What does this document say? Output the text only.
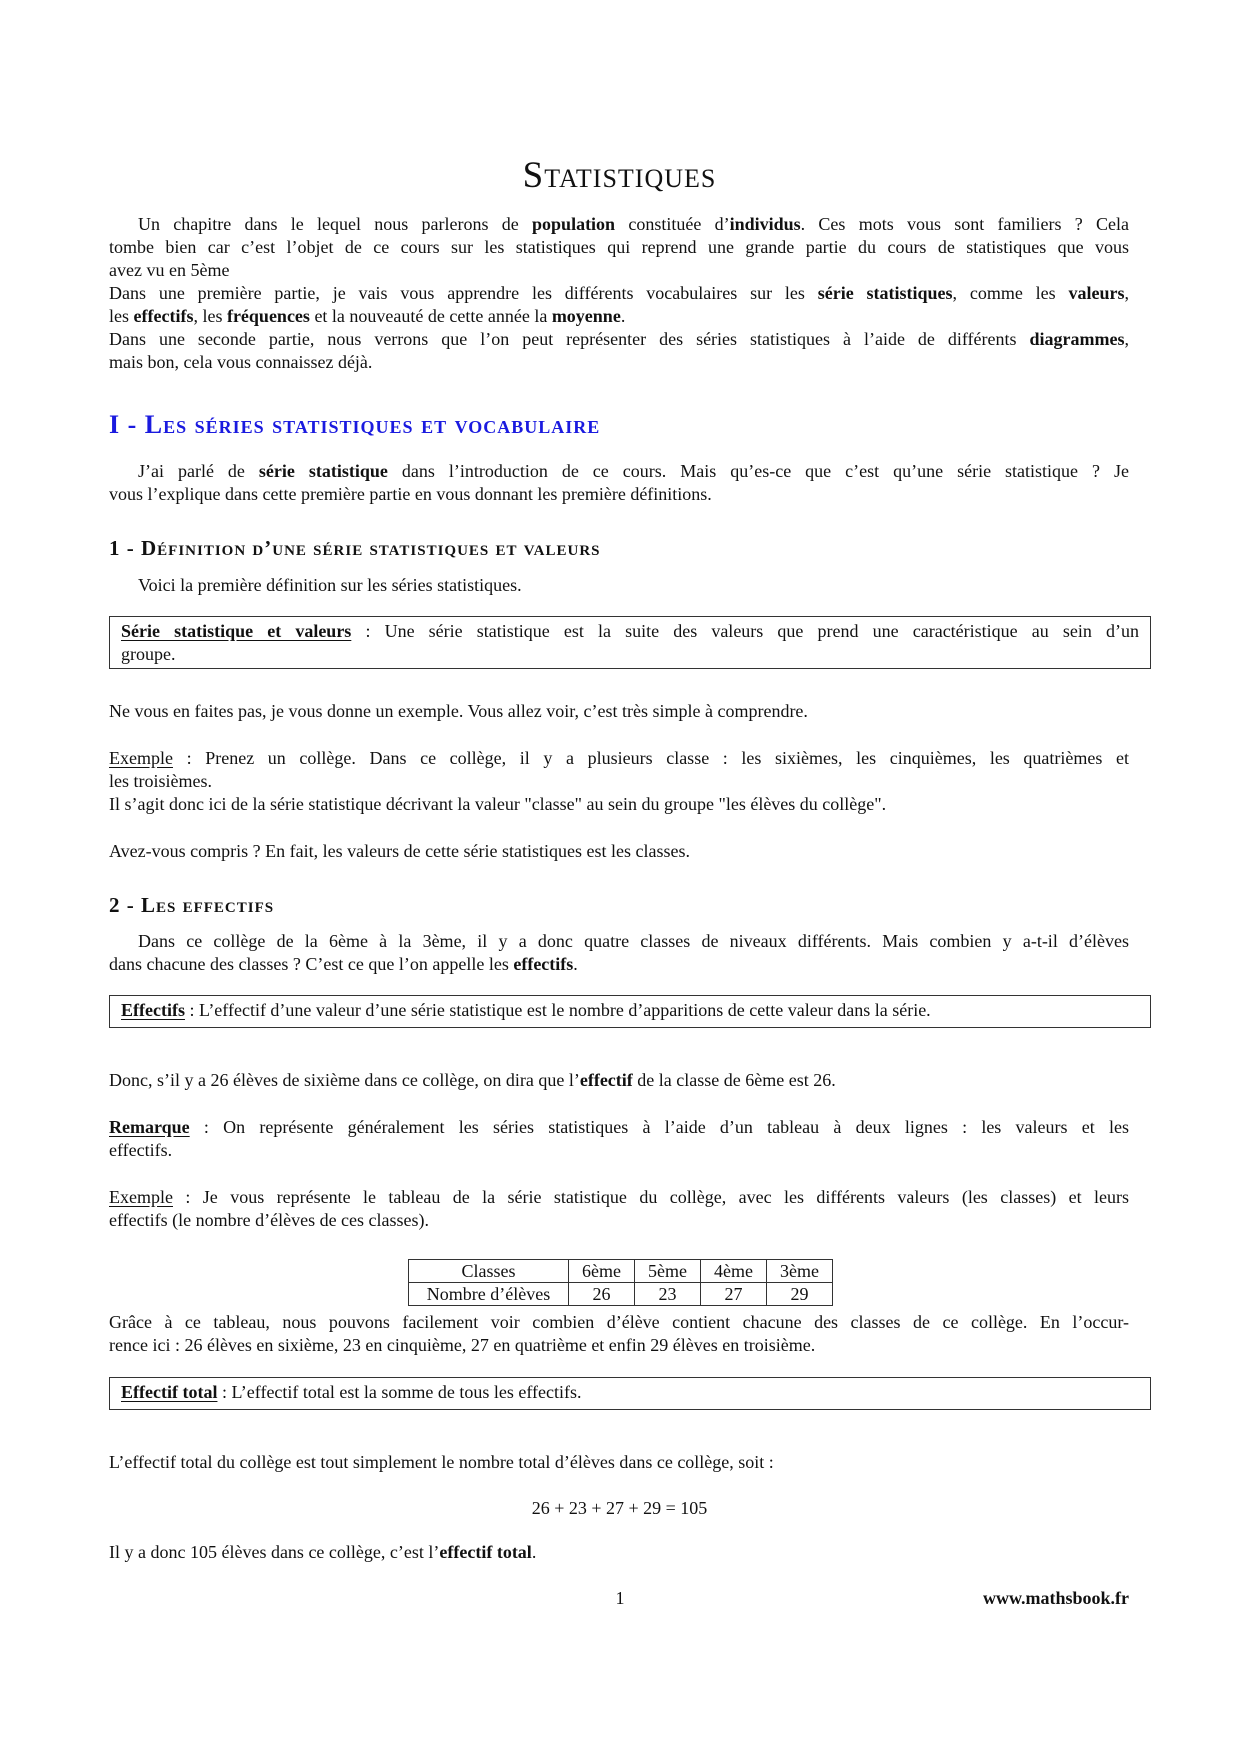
Statistiques
Un chapitre dans le lequel nous parlerons de population constituée d’individus. Ces mots vous sont familiers ? Cela
tombe bien car c’est l’objet de ce cours sur les statistiques qui reprend une grande partie du cours de statistiques que vous
avez vu en 5ème
Dans une première partie, je vais vous apprendre les différents vocabulaires sur les série statistiques, comme les valeurs,
les effectifs, les fréquences et la nouveauté de cette année la moyenne.
Dans une seconde partie, nous verrons que l’on peut représenter des séries statistiques à l’aide de différents diagrammes,
mais bon, cela vous connaissez déjà.
I - Les séries statistiques et vocabulaire
J’ai parlé de série statistique dans l’introduction de ce cours. Mais qu’es-ce que c’est qu’une série statistique ? Je
vous l’explique dans cette première partie en vous donnant les première définitions.
1 - Définition d’une série statistiques et valeurs
Voici la première définition sur les séries statistiques.
Série statistique et valeurs : Une série statistique est la suite des valeurs que prend une caractéristique au sein d’un
groupe.
Ne vous en faites pas, je vous donne un exemple. Vous allez voir, c’est très simple à comprendre.
Exemple : Prenez un collège. Dans ce collège, il y a plusieurs classe : les sixièmes, les cinquièmes, les quatrièmes et
les troisièmes.
Il s’agit donc ici de la série statistique décrivant la valeur "classe" au sein du groupe "les élèves du collège".
Avez-vous compris ? En fait, les valeurs de cette série statistiques est les classes.
2 - Les effectifs
Dans ce collège de la 6ème à la 3ème, il y a donc quatre classes de niveaux différents. Mais combien y a-t-il d’élèves
dans chacune des classes ? C’est ce que l’on appelle les effectifs.
Effectifs : L’effectif d’une valeur d’une série statistique est le nombre d’apparitions de cette valeur dans la série.
Donc, s’il y a 26 élèves de sixième dans ce collège, on dira que l’effectif de la classe de 6ème est 26.
Remarque : On représente généralement les séries statistiques à l’aide d’un tableau à deux lignes : les valeurs et les
effectifs.
Exemple : Je vous représente le tableau de la série statistique du collège, avec les différents valeurs (les classes) et leurs
effectifs (le nombre d’élèves de ces classes).
Classes	6ème	5ème	4ème	3ème
Nombre d’élèves	26	23	27	29
Grâce à ce tableau, nous pouvons facilement voir combien d’élève contient chacune des classes de ce collège. En l’occur-
rence ici : 26 élèves en sixième, 23 en cinquième, 27 en quatrième et enfin 29 élèves en troisième.
Effectif total : L’effectif total est la somme de tous les effectifs.
L’effectif total du collège est tout simplement le nombre total d’élèves dans ce collège, soit :
26 + 23 + 27 + 29 = 105
Il y a donc 105 élèves dans ce collège, c’est l’effectif total.
1	www.mathsbook.fr
